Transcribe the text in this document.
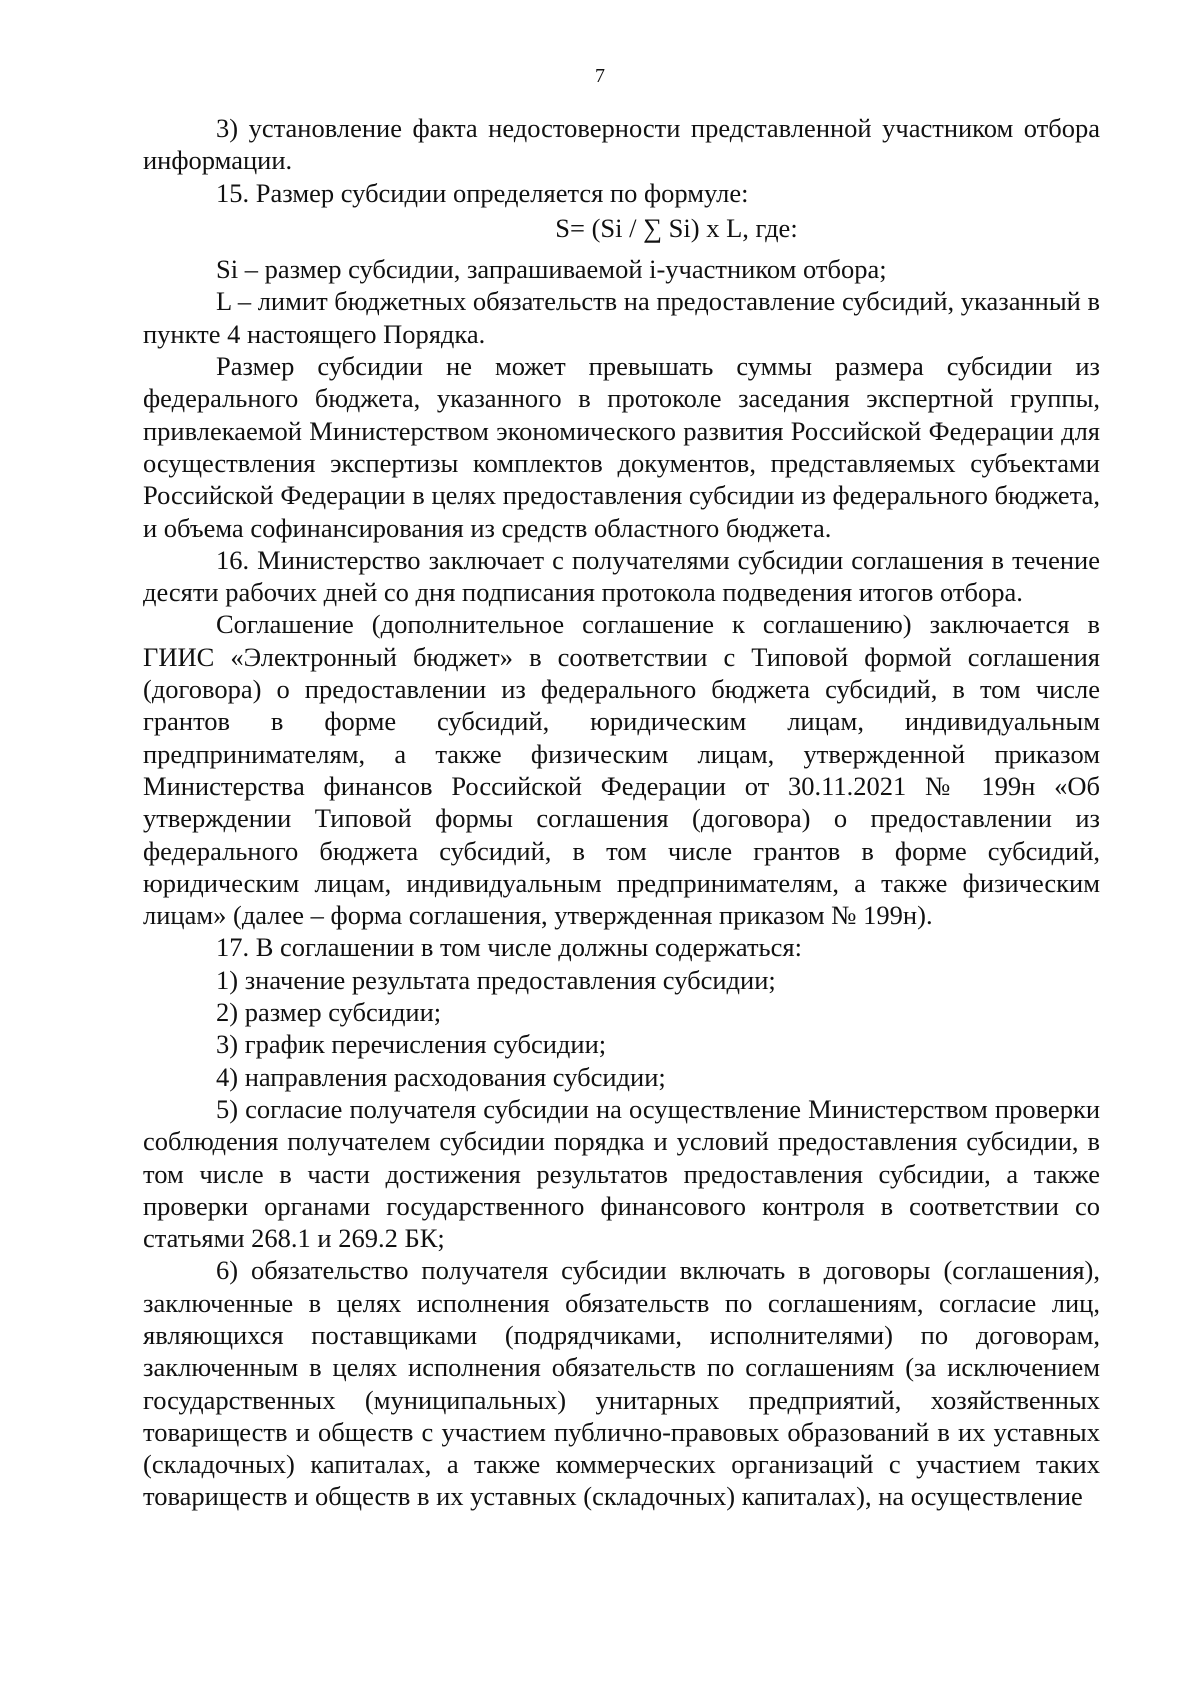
7

3) установление факта недостоверности представленной участником отбора информации.

15. Размер субсидии определяется по формуле:

S= (Si / ∑ Si) x L, где:

Si – размер субсидии, запрашиваемой i-участником отбора;

L – лимит бюджетных обязательств на предоставление субсидий, указанный в пункте 4 настоящего Порядка.

Размер субсидии не может превышать суммы размера субсидии из федерального бюджета, указанного в протоколе заседания экспертной группы, привлекаемой Министерством экономического развития Российской Федерации для осуществления экспертизы комплектов документов, представляемых субъектами Российской Федерации в целях предоставления субсидии из федерального бюджета, и объема софинансирования из средств областного бюджета.

16. Министерство заключает с получателями субсидии соглашения в течение десяти рабочих дней со дня подписания протокола подведения итогов отбора.

Соглашение (дополнительное соглашение к соглашению) заключается в ГИИС «Электронный бюджет» в соответствии с Типовой формой соглашения (договора) о предоставлении из федерального бюджета субсидий, в том числе грантов в форме субсидий, юридическим лицам, индивидуальным предпринимателям, а также физическим лицам, утвержденной приказом Министерства финансов Российской Федерации от 30.11.2021 № 199н «Об утверждении Типовой формы соглашения (договора) о предоставлении из федерального бюджета субсидий, в том числе грантов в форме субсидий, юридическим лицам, индивидуальным предпринимателям, а также физическим лицам» (далее – форма соглашения, утвержденная приказом № 199н).

17. В соглашении в том числе должны содержаться:

1) значение результата предоставления субсидии;

2) размер субсидии;

3) график перечисления субсидии;

4) направления расходования субсидии;

5) согласие получателя субсидии на осуществление Министерством проверки соблюдения получателем субсидии порядка и условий предоставления субсидии, в том числе в части достижения результатов предоставления субсидии, а также проверки органами государственного финансового контроля в соответствии со статьями 268.1 и 269.2 БК;

6) обязательство получателя субсидии включать в договоры (соглашения), заключенные в целях исполнения обязательств по соглашениям, согласие лиц, являющихся поставщиками (подрядчиками, исполнителями) по договорам, заключенным в целях исполнения обязательств по соглашениям (за исключением государственных (муниципальных) унитарных предприятий, хозяйственных товариществ и обществ с участием публично-правовых образований в их уставных (складочных) капиталах, а также коммерческих организаций с участием таких товариществ и обществ в их уставных (складочных) капиталах), на осуществление
